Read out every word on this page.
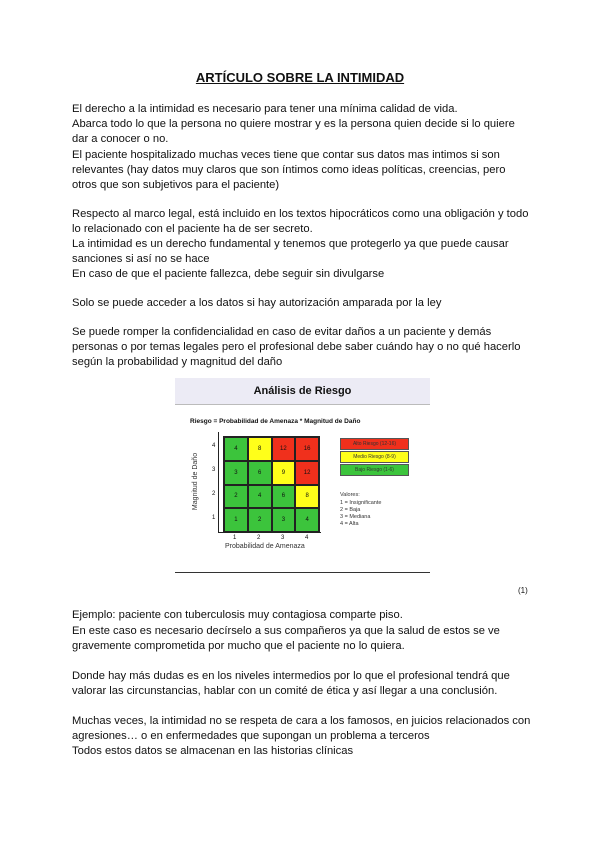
ARTÍCULO SOBRE LA INTIMIDAD
Análisis de Riesgo
Riesgo = Probabilidad de Amenaza * Magnitud de Daño
4	8	12	16
3	6	9	12
2	4	6	8
1	2	3	4
Magnitud de Daño
Probabilidad de Amenaza
4
3
2
1
1	2	3	4
Alto Riesgo (12-16)
Medio Riesgo (8-9)
Bajo Riesgo (1-6)
Valores:
1 = Insignificante
2 = Baja
3 = Mediana
4 = Alta
(1)
El derecho a la intimidad es necesario para tener una mínima calidad de vida.
Abarca todo lo que la persona no quiere mostrar y es la persona quien decide si lo quiere
dar a conocer o no.
El paciente hospitalizado muchas veces tiene que contar sus datos mas intimos si son
relevantes (hay datos muy claros que son íntimos como ideas políticas, creencias, pero
otros que son subjetivos para el paciente)
Respecto al marco legal, está incluido en los textos hipocráticos como una obligación y todo
lo relacionado con el paciente ha de ser secreto.
La intimidad es un derecho fundamental y tenemos que protegerlo ya que puede causar
sanciones si así no se hace
En caso de que el paciente fallezca, debe seguir sin divulgarse
Solo se puede acceder a los datos si hay autorización amparada por la ley
Se puede romper la confidencialidad en caso de evitar daños a un paciente y demás
personas o por temas legales pero el profesional debe saber cuándo hay o no qué hacerlo
según la probabilidad y magnitud del daño
Ejemplo: paciente con tuberculosis muy contagiosa comparte piso.
En este caso es necesario decírselo a sus compañeros ya que la salud de estos se ve
gravemente comprometida por mucho que el paciente no lo quiera.
Donde hay más dudas es en los niveles intermedios por lo que el profesional tendrá que
valorar las circunstancias, hablar con un comité de ética y así llegar a una conclusión.
Muchas veces, la intimidad no se respeta de cara a los famosos, en juicios relacionados con
agresiones… o en enfermedades que supongan un problema a terceros
Todos estos datos se almacenan en las historias clínicas
